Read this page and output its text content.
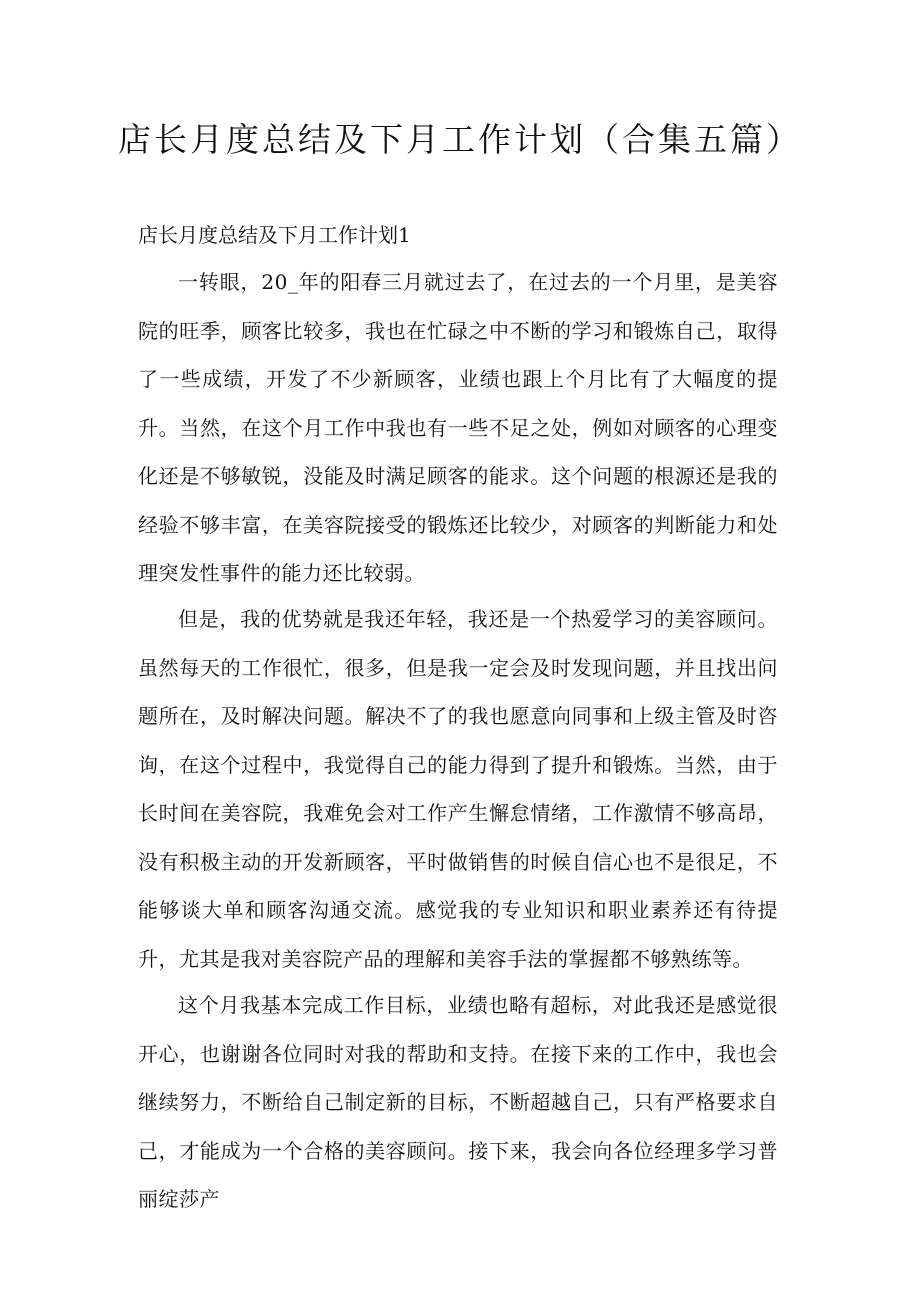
店长月度总结及下月工作计划（合集五篇）
店长月度总结及下月工作计划1

一转眼，20_年的阳春三月就过去了，在过去的一个月里，是美容院的旺季，顾客比较多，我也在忙碌之中不断的学习和锻炼自己，取得了一些成绩，开发了不少新顾客，业绩也跟上个月比有了大幅度的提升。当然，在这个月工作中我也有一些不足之处，例如对顾客的心理变化还是不够敏锐，没能及时满足顾客的能求。这个问题的根源还是我的经验不够丰富，在美容院接受的锻炼还比较少，对顾客的判断能力和处理突发性事件的能力还比较弱。

但是，我的优势就是我还年轻，我还是一个热爱学习的美容顾问。虽然每天的工作很忙，很多，但是我一定会及时发现问题，并且找出问题所在，及时解决问题。解决不了的我也愿意向同事和上级主管及时咨询，在这个过程中，我觉得自己的能力得到了提升和锻炼。当然，由于长时间在美容院，我难免会对工作产生懈怠情绪，工作激情不够高昂，没有积极主动的开发新顾客，平时做销售的时候自信心也不是很足，不能够谈大单和顾客沟通交流。感觉我的专业知识和职业素养还有待提升，尤其是我对美容院产品的理解和美容手法的掌握都不够熟练等。

这个月我基本完成工作目标，业绩也略有超标，对此我还是感觉很开心，也谢谢各位同时对我的帮助和支持。在接下来的工作中，我也会继续努力，不断给自己制定新的目标，不断超越自己，只有严格要求自己，才能成为一个合格的美容顾问。接下来，我会向各位经理多学习普丽绽莎产
